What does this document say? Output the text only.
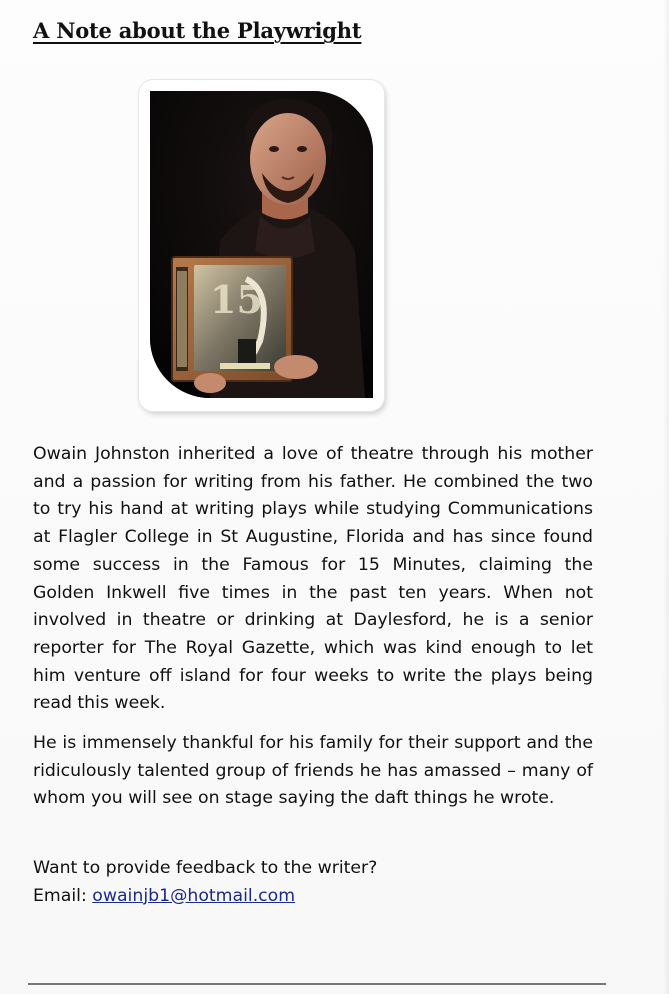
A Note about the Playwright
15

Owain Johnston inherited a love of theatre through his mother and a passion for writing from his father. He combined the two to try his hand at writing plays while studying Communications at Flagler College in St Augustine, Florida and has since found some success in the Famous for 15 Minutes, claiming the Golden Inkwell five times in the past ten years. When not involved in theatre or drinking at Daylesford, he is a senior reporter for The Royal Gazette, which was kind enough to let him venture off island for four weeks to write the plays being read this week.

He is immensely thankful for his family for their support and the ridiculously talented group of friends he has amassed – many of whom you will see on stage saying the daft things he wrote.

Want to provide feedback to the writer?
Email: owainjb1@hotmail.com
